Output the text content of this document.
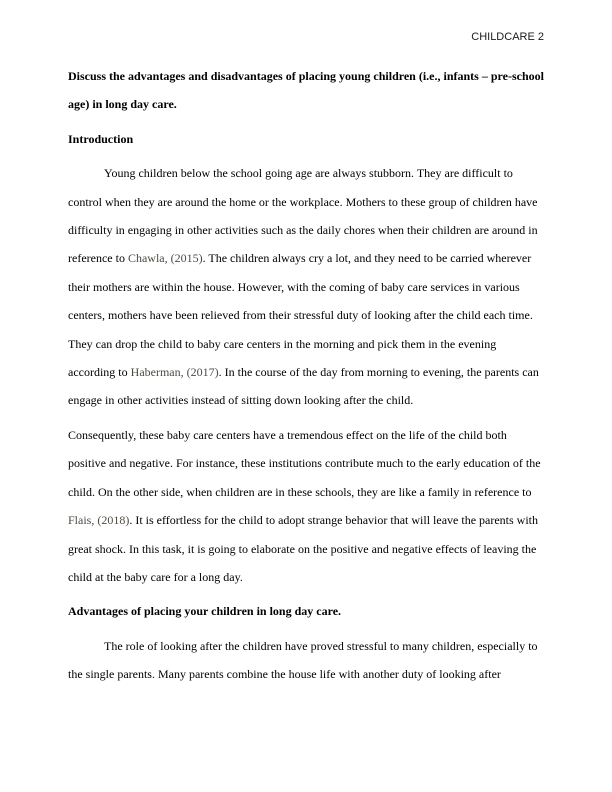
CHILDCARE 2
Discuss the advantages and disadvantages of placing young children (i.e., infants – pre-school age) in long day care.
Introduction

Young children below the school going age are always stubborn. They are difficult to control when they are around the home or the workplace. Mothers to these group of children have difficulty in engaging in other activities such as the daily chores when their children are around in reference to Chawla, (2015). The children always cry a lot, and they need to be carried wherever their mothers are within the house. However, with the coming of baby care services in various centers, mothers have been relieved from their stressful duty of looking after the child each time. They can drop the child to baby care centers in the morning and pick them in the evening according to Haberman, (2017). In the course of the day from morning to evening, the parents can engage in other activities instead of sitting down looking after the child.

Consequently, these baby care centers have a tremendous effect on the life of the child both positive and negative. For instance, these institutions contribute much to the early education of the child. On the other side, when children are in these schools, they are like a family in reference to Flais, (2018). It is effortless for the child to adopt strange behavior that will leave the parents with great shock. In this task, it is going to elaborate on the positive and negative effects of leaving the child at the baby care for a long day.

Advantages of placing your children in long day care.

The role of looking after the children have proved stressful to many children, especially to the single parents. Many parents combine the house life with another duty of looking after
